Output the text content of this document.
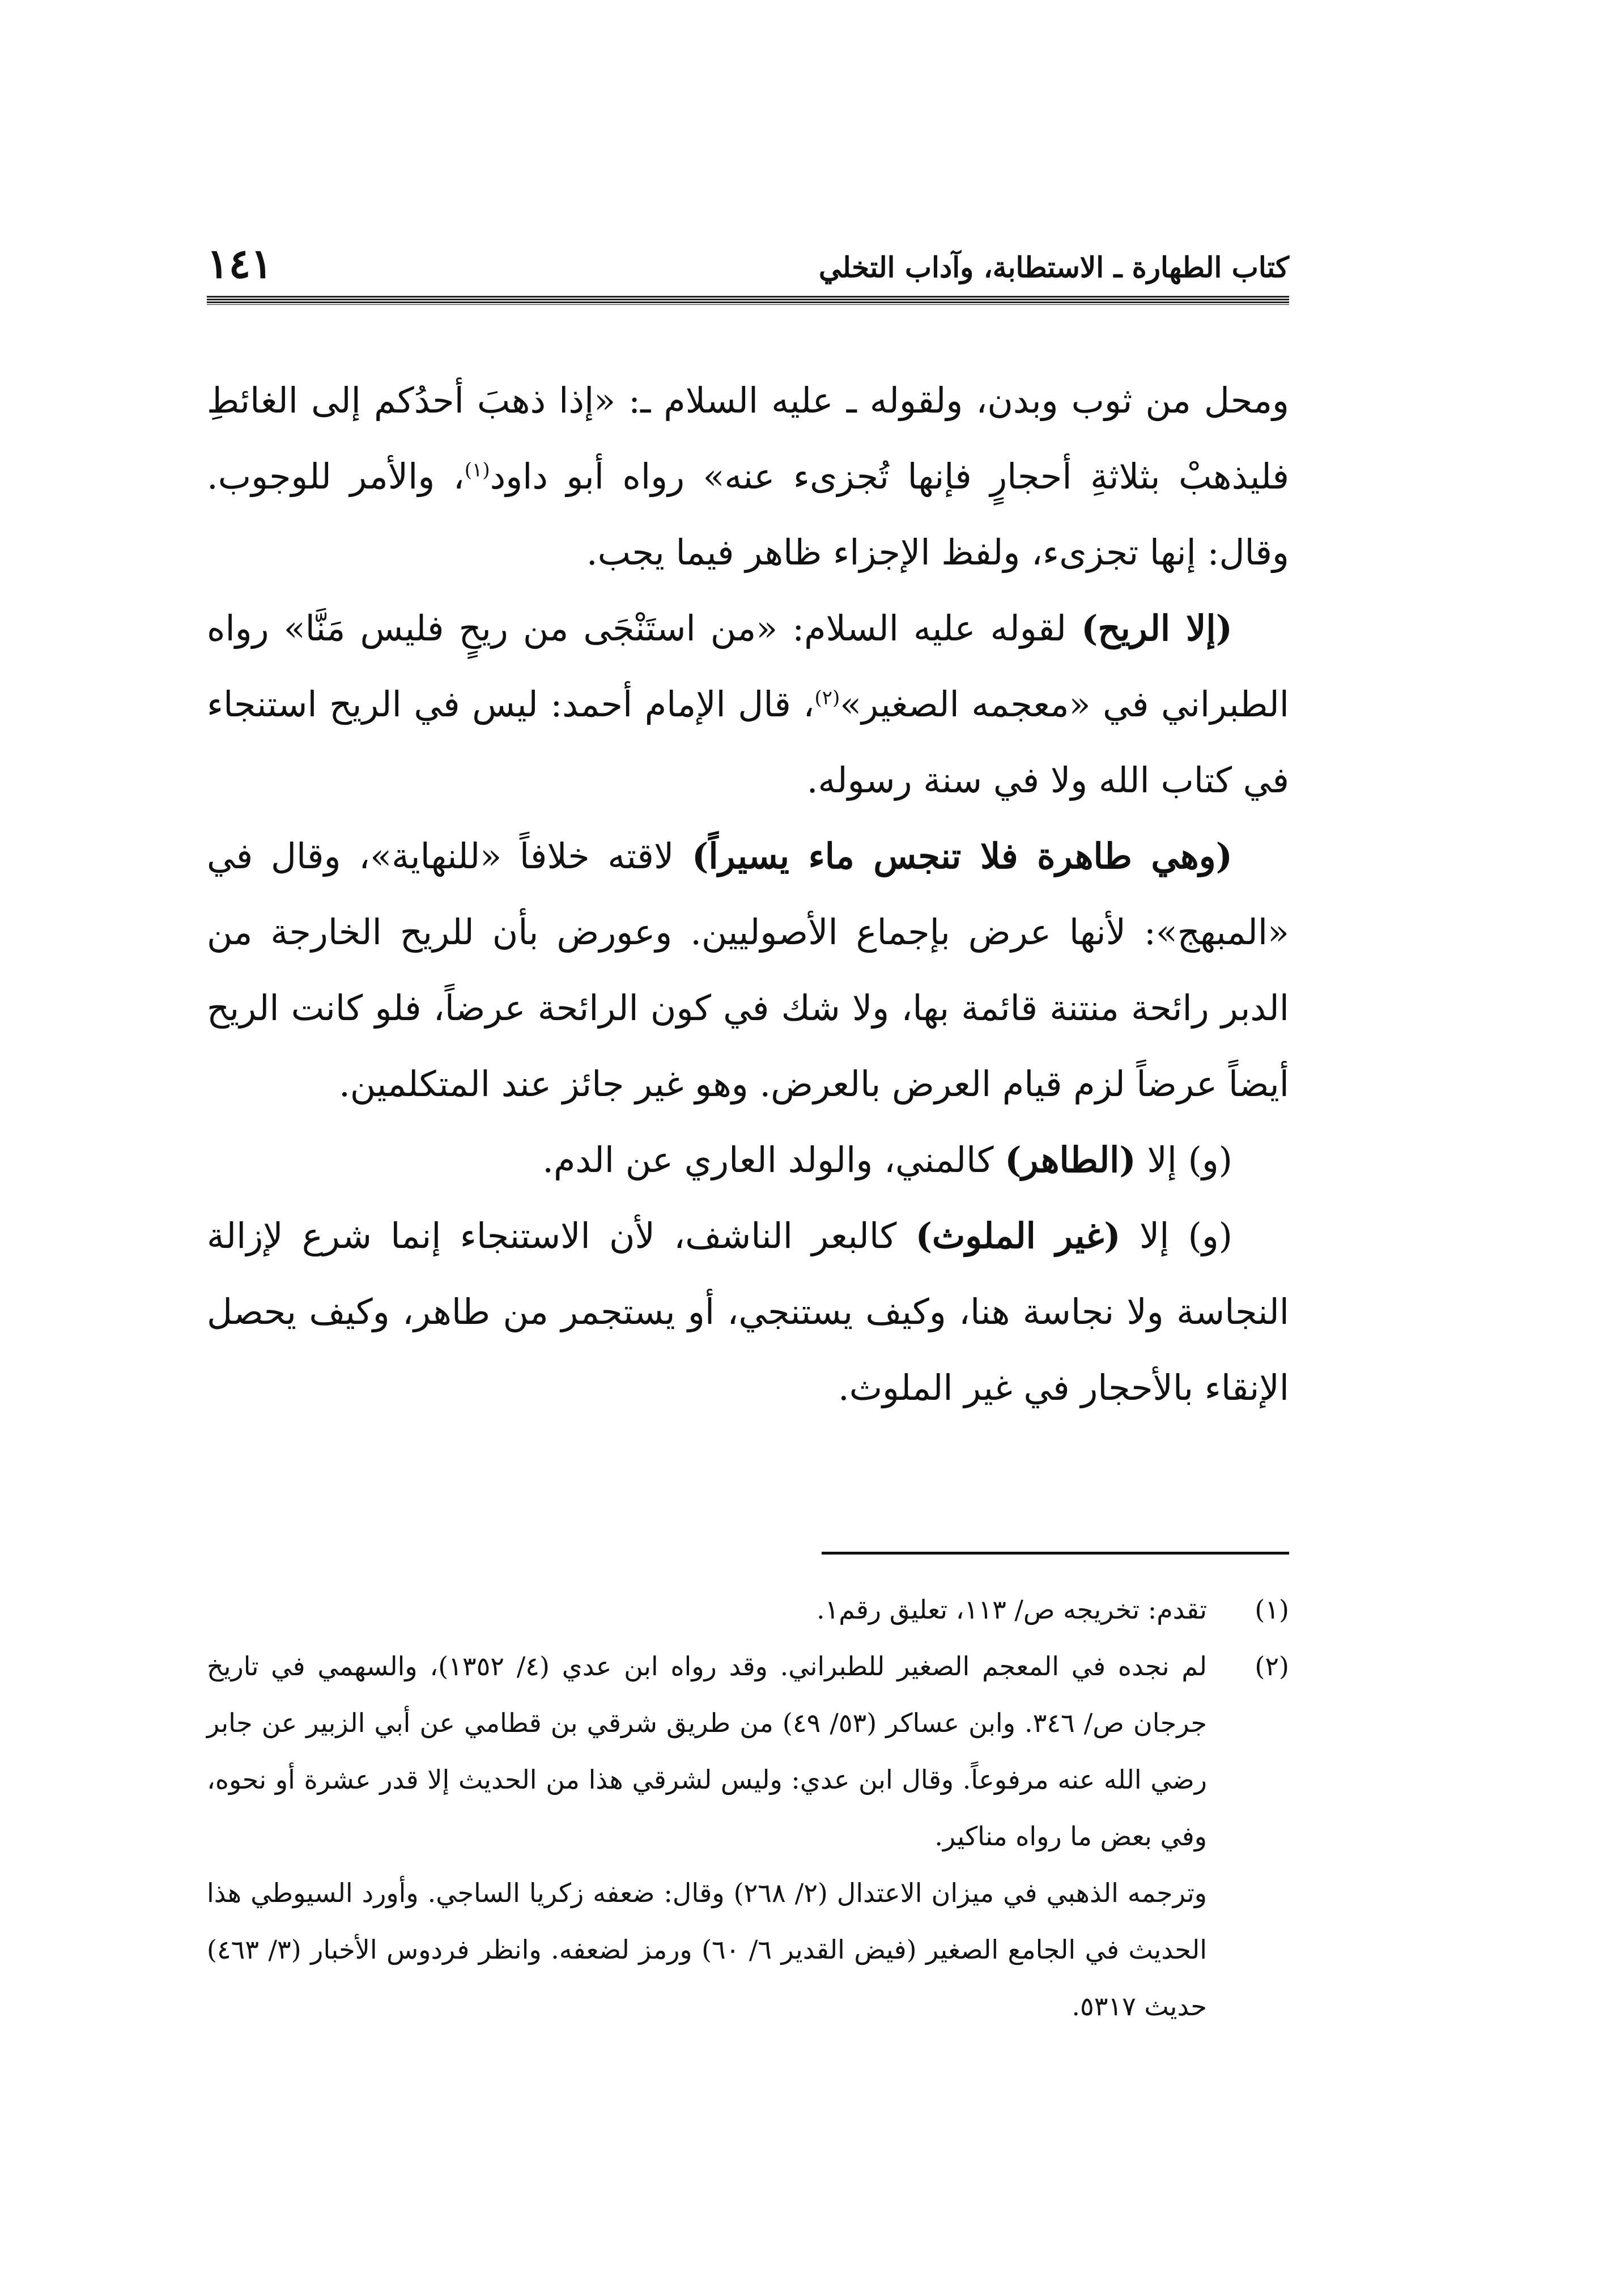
كتاب الطهارة ـ الاستطابة، وآداب التخلي
١٤١

ومحل من ثوب وبدن، ولقوله ـ عليه السلام ـ: «إذا ذهبَ أحدُكم إلى الغائطِ فليذهبْ بثلاثةِ أحجارٍ فإنها تُجزىء عنه» رواه أبو داود$^{(١)}$، والأمر للوجوب. وقال: إنها تجزىء، ولفظ الإجزاء ظاهر فيما يجب.

(إلا الريح) لقوله عليه السلام: «من استَنْجَى من ريحٍ فليس مَنَّا» رواه الطبراني في «معجمه الصغير»$^{(٢)}$، قال الإمام أحمد: ليس في الريح استنجاء في كتاب الله ولا في سنة رسوله.

(وهي طاهرة فلا تنجس ماء يسيراً) لاقته خلافاً «للنهاية»، وقال في «المبهج»: لأنها عرض بإجماع الأصوليين. وعورض بأن للريح الخارجة من الدبر رائحة منتنة قائمة بها، ولا شك في كون الرائحة عرضاً، فلو كانت الريح أيضاً عرضاً لزم قيام العرض بالعرض. وهو غير جائز عند المتكلمين.

(و) إلا (الطاهر) كالمني، والولد العاري عن الدم.

(و) إلا (غير الملوث) كالبعر الناشف، لأن الاستنجاء إنما شرع لإزالة النجاسة ولا نجاسة هنا، وكيف يستنجي، أو يستجمر من طاهر، وكيف يحصل الإنقاء بالأحجار في غير الملوث.

(١)
تقدم: تخريجه ص/ ١١٣، تعليق رقم١.

(٢)
لم نجده في المعجم الصغير للطبراني. وقد رواه ابن عدي (٤/ ١٣٥٢)، والسهمي في تاريخ جرجان ص/ ٣٤٦. وابن عساكر (٥٣/ ٤٩) من طريق شرقي بن قطامي عن أبي الزبير عن جابر رضي الله عنه مرفوعاً. وقال ابن عدي: وليس لشرقي هذا من الحديث إلا قدر عشرة أو نحوه، وفي بعض ما رواه مناكير.

وترجمه الذهبي في ميزان الاعتدال (٢/ ٢٦٨) وقال: ضعفه زكريا الساجي. وأورد السيوطي هذا الحديث في الجامع الصغير (فيض القدير ٦/ ٦٠) ورمز لضعفه. وانظر فردوس الأخبار (٣/ ٤٦٣) حديث ٥٣١٧.
